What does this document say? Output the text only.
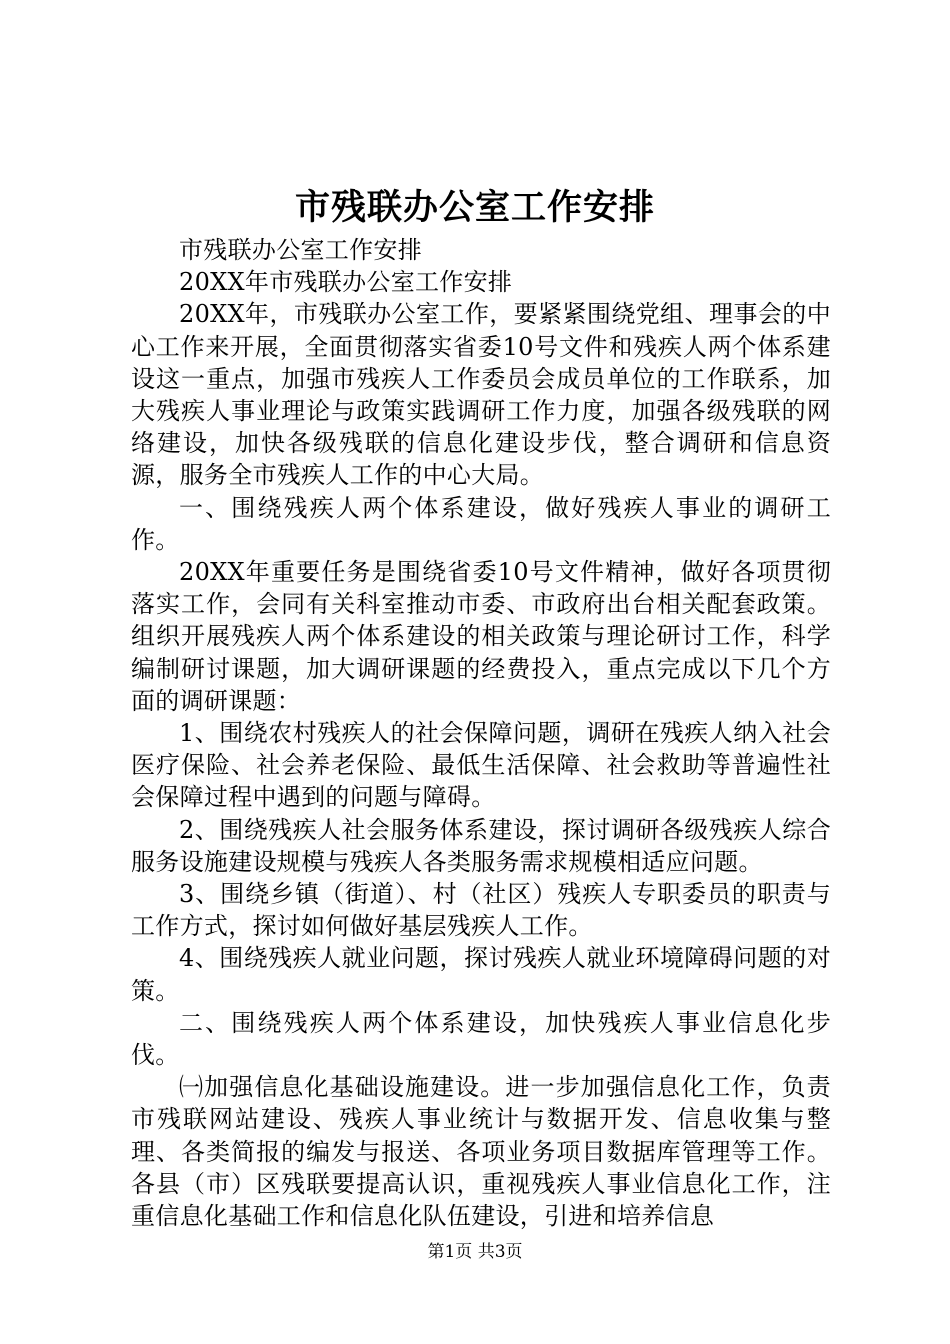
市残联办公室工作安排

市残联办公室工作安排

20XX年市残联办公室工作安排

20XX年，市残联办公室工作，要紧紧围绕党组、理事会的中心工作来开展，全面贯彻落实省委10号文件和残疾人两个体系建设这一重点，加强市残疾人工作委员会成员单位的工作联系，加大残疾人事业理论与政策实践调研工作力度，加强各级残联的网络建设，加快各级残联的信息化建设步伐，整合调研和信息资源，服务全市残疾人工作的中心大局。

一、围绕残疾人两个体系建设，做好残疾人事业的调研工作。

20XX年重要任务是围绕省委10号文件精神，做好各项贯彻落实工作，会同有关科室推动市委、市政府出台相关配套政策。组织开展残疾人两个体系建设的相关政策与理论研讨工作，科学编制研讨课题，加大调研课题的经费投入，重点完成以下几个方面的调研课题：

1、围绕农村残疾人的社会保障问题，调研在残疾人纳入社会医疗保险、社会养老保险、最低生活保障、社会救助等普遍性社会保障过程中遇到的问题与障碍。

2、围绕残疾人社会服务体系建设，探讨调研各级残疾人综合服务设施建设规模与残疾人各类服务需求规模相适应问题。

3、围绕乡镇（街道）、村（社区）残疾人专职委员的职责与工作方式，探讨如何做好基层残疾人工作。

4、围绕残疾人就业问题，探讨残疾人就业环境障碍问题的对策。

二、围绕残疾人两个体系建设，加快残疾人事业信息化步伐。

㈠加强信息化基础设施建设。进一步加强信息化工作，负责市残联网站建设、残疾人事业统计与数据开发、信息收集与整理、各类简报的编发与报送、各项业务项目数据库管理等工作。各县（市）区残联要提高认识，重视残疾人事业信息化工作，注重信息化基础工作和信息化队伍建设，引进和培养信息

第1页 共3页
